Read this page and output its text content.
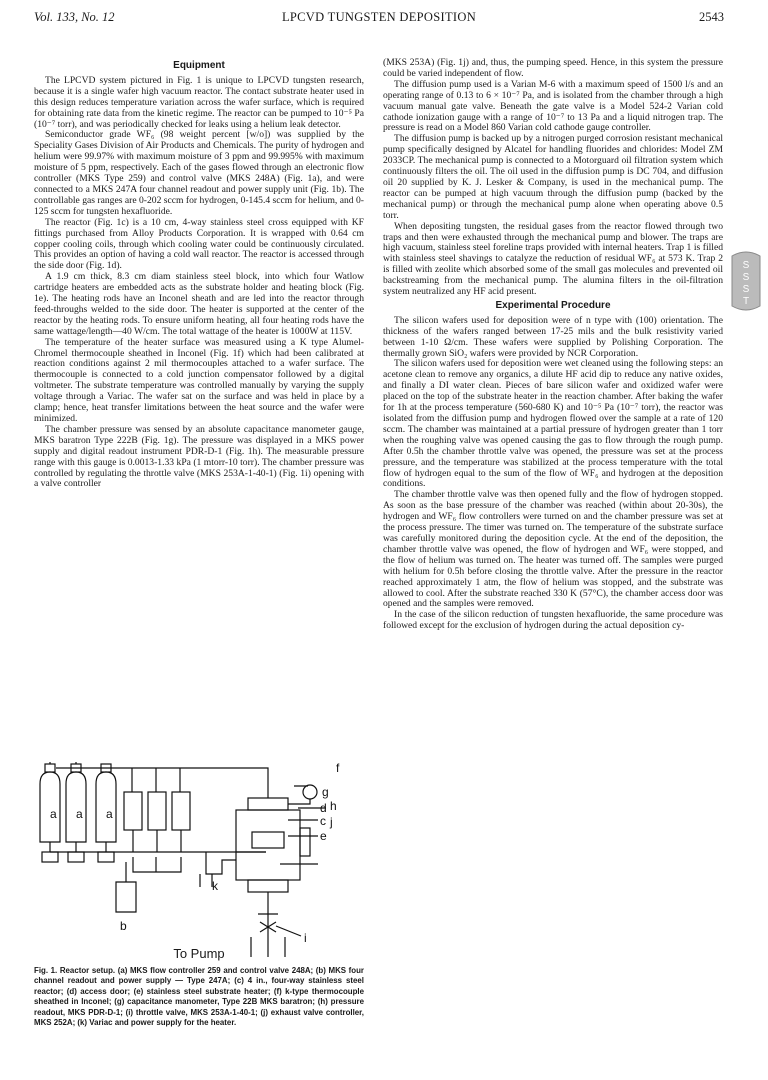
Vol. 133, No. 12	LPCVD TUNGSTEN DEPOSITION	2543
Equipment

The LPCVD system pictured in Fig. 1 is unique to LPCVD tungsten research, because it is a single wafer high vacuum reactor. The contact substrate heater used in this design reduces temperature variation across the wafer surface, which is required for obtaining rate data from the kinetic regime. The reactor can be pumped to 10⁻⁵ Pa (10⁻⁷ torr), and was periodically checked for leaks using a helium leak detector.

Semiconductor grade WF₆ (98 weight percent [w/o]) was supplied by the Speciality Gases Division of Air Products and Chemicals. The purity of hydrogen and helium were 99.97% with maximum moisture of 3 ppm and 99.995% with maximum moisture of 5 ppm, respectively. Each of the gases flowed through an electronic flow controller (MKS Type 259) and control valve (MKS 248A) (Fig. 1a), and were connected to a MKS 247A four channel readout and power supply unit (Fig. 1b). The controllable gas ranges are 0-202 sccm for hydrogen, 0-145.4 sccm for helium, and 0-125 sccm for tungsten hexafluoride.

The reactor (Fig. 1c) is a 10 cm, 4-way stainless steel cross equipped with KF fittings purchased from Alloy Products Corporation. It is wrapped with 0.64 cm copper cooling coils, through which cooling water could be continuously circulated. This provides an option of having a cold wall reactor. The reactor is accessed through the side door (Fig. 1d).

A 1.9 cm thick, 8.3 cm diam stainless steel block, into which four Watlow cartridge heaters are embedded acts as the substrate holder and heating block (Fig. 1e). The heating rods have an Inconel sheath and are led into the reactor through feed-throughs welded to the side door. The heater is supported at the center of the reactor by the heating rods. To ensure uniform heating, all four heating rods have the same wattage/length—40 W/cm. The total wattage of the heater is 1000W at 115V.

The temperature of the heater surface was measured using a K type Alumel-Chromel thermocouple sheathed in Inconel (Fig. 1f) which had been calibrated at reaction conditions against 2 mil thermocouples attached to a wafer surface. The thermocouple is connected to a cold junction compensator followed by a digital voltmeter. The substrate temperature was controlled manually by varying the supply voltage through a Variac. The wafer sat on the surface and was held in place by a clamp; hence, heat transfer limitations between the heat source and the wafer were minimized.

The chamber pressure was sensed by an absolute capacitance manometer gauge, MKS baratron Type 222B (Fig. 1g). The pressure was displayed in a MKS power supply and digital readout instrument PDR-D-1 (Fig. 1h). The measurable pressure range with this gauge is 0.0013-1.33 kPa (1 mtorr-10 torr). The chamber pressure was controlled by regulating the throttle valve (MKS 253A-1-40-1) (Fig. 1i) opening with a valve controller

a a a
b
c
d
e
f
g
h
i
j
k
To Pump
Fig. 1. Reactor setup. (a) MKS flow controller 259 and control valve 248A; (b) MKS four channel readout and power supply — Type 247A; (c) 4 in., four-way stainless steel reactor; (d) access door; (e) stainless steel substrate heater; (f) k-type thermocouple sheathed in Inconel; (g) capacitance manometer, Type 22B MKS baratron; (h) pressure readout, MKS PDR-D-1; (i) throttle valve, MKS 253A-1-40-1; (j) exhaust valve controller, MKS 252A; (k) Variac and power supply for the heater.

(MKS 253A) (Fig. 1j) and, thus, the pumping speed. Hence, in this system the pressure could be varied independent of flow.

The diffusion pump used is a Varian M-6 with a maximum speed of 1500 l/s and an operating range of 0.13 to 6 × 10⁻⁷ Pa, and is isolated from the chamber through a high vacuum manual gate valve. Beneath the gate valve is a Model 524-2 Varian cold cathode ionization gauge with a range of 10⁻⁷ to 13 Pa and a liquid nitrogen trap. The pressure is read on a Model 860 Varian cold cathode gauge controller.

The diffusion pump is backed up by a nitrogen purged corrosion resistant mechanical pump specifically designed by Alcatel for handling fluorides and chlorides: Model ZM 2033CP. The mechanical pump is connected to a Motorguard oil filtration system which continuously filters the oil. The oil used in the diffusion pump is DC 704, and diffusion oil 20 supplied by K. J. Lesker & Company, is used in the mechanical pump. The reactor can be pumped at high vacuum through the diffusion pump (backed by the mechanical pump) or through the mechanical pump alone when operating above 0.5 torr.

When depositing tungsten, the residual gases from the reactor flowed through two traps and then were exhausted through the mechanical pump and blower. The traps are high vacuum, stainless steel foreline traps provided with internal heaters. Trap 1 is filled with stainless steel shavings to catalyze the reduction of residual WF₆ at 573 K. Trap 2 is filled with zeolite which absorbed some of the small gas molecules and prevented oil backstreaming from the mechanical pump. The alumina filters in the oil-filtration system neutralized any HF acid present.

Experimental Procedure

The silicon wafers used for deposition were of n type with (100) orientation. The thickness of the wafers ranged between 17-25 mils and the bulk resistivity varied between 1-10 Ω/cm. These wafers were supplied by Polishing Corporation. The thermally grown SiO₂ wafers were provided by NCR Corporation.

The silicon wafers used for deposition were wet cleaned using the following steps: an acetone clean to remove any organics, a dilute HF acid dip to reduce any native oxides, and finally a DI water clean. Pieces of bare silicon wafer and oxidized wafer were placed on the top of the substrate heater in the reaction chamber. After baking the wafer for 1h at the process temperature (560-680 K) and 10⁻⁵ Pa (10⁻⁷ torr), the reactor was isolated from the diffusion pump and hydrogen flowed over the sample at a rate of 120 sccm. The chamber was maintained at a partial pressure of hydrogen greater than 1 torr when the roughing valve was opened causing the gas to flow through the rough pump. After 0.5h the chamber throttle valve was opened, the pressure was set at the process pressure, and the temperature was stabilized at the process temperature with the total flow of hydrogen equal to the sum of the flow of WF₆ and hydrogen at the deposition conditions.

The chamber throttle valve was then opened fully and the flow of hydrogen stopped. As soon as the base pressure of the chamber was reached (within about 20-30s), the hydrogen and WF₆ flow controllers were turned on and the chamber pressure was set at the process pressure. The timer was turned on. The temperature of the substrate surface was carefully monitored during the deposition cycle. At the end of the deposition, the chamber throttle valve was opened, the flow of hydrogen and WF₆ were stopped, and the flow of helium was turned on. The heater was turned off. The samples were purged with helium for 0.5h before closing the throttle valve. After the pressure in the reactor reached approximately 1 atm, the flow of helium was stopped, and the substrate was allowed to cool. After the substrate reached 330 K (57°C), the chamber access door was opened and the samples were removed.

In the case of the silicon reduction of tungsten hexafluoride, the same procedure was followed except for the exclusion of hydrogen during the actual deposition cy-

S
S
S
T
